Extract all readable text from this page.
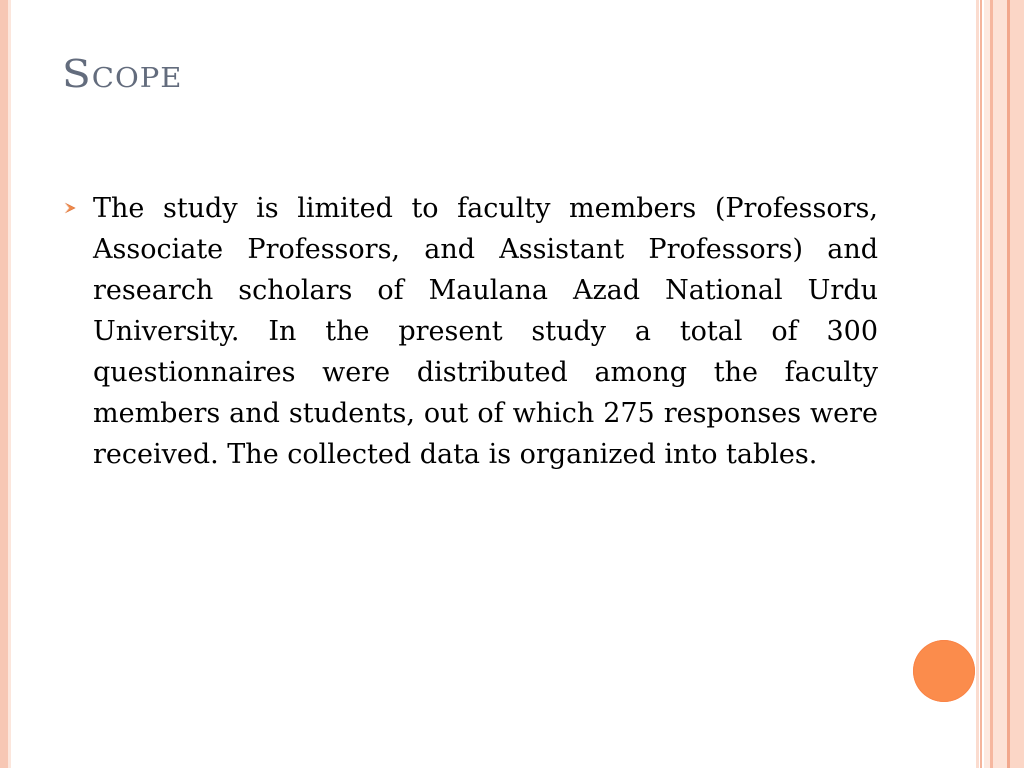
Scope

The study is limited to faculty members (Professors, Associate Professors, and Assistant Professors) and research scholars of Maulana Azad National Urdu University. In the present study a total of 300 questionnaires were distributed among the faculty members and students, out of which 275 responses were received. The collected data is organized into tables.
